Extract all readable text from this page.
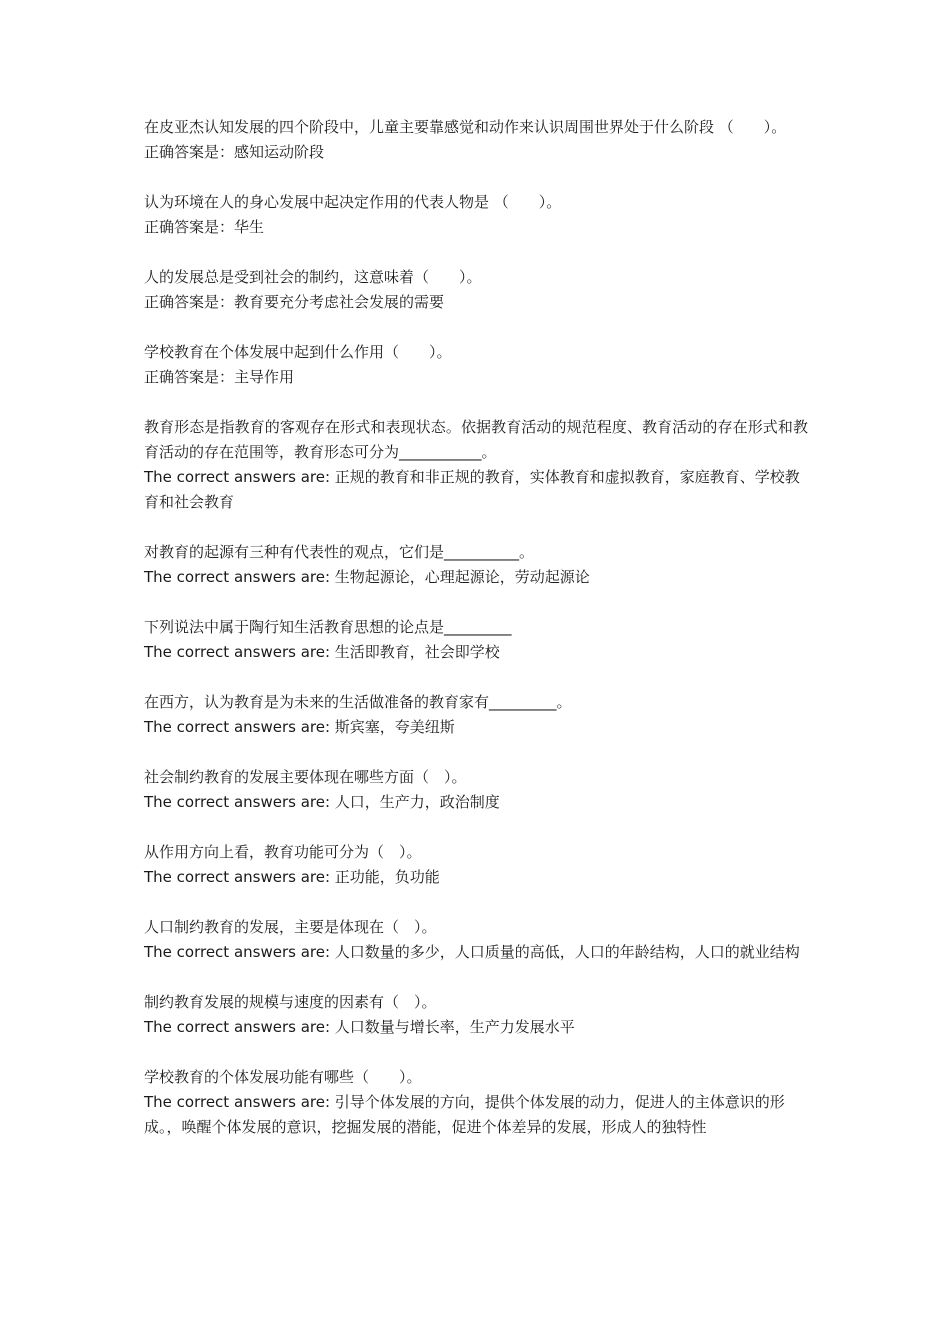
在皮亚杰认知发展的四个阶段中，儿童主要靠感觉和动作来认识周围世界处于什么阶段 （　　）。

正确答案是：感知运动阶段

认为环境在人的身心发展中起决定作用的代表人物是 （　　）。

正确答案是：华生

人的发展总是受到社会的制约，这意味着（　　）。

正确答案是：教育要充分考虑社会发展的需要

学校教育在个体发展中起到什么作用（　　）。

正确答案是：主导作用

教育形态是指教育的客观存在形式和表现状态。依据教育活动的规范程度、教育活动的存在形式和教育活动的存在范围等，教育形态可分为___________。

The correct answers are: 正规的教育和非正规的教育，实体教育和虚拟教育，家庭教育、学校教育和社会教育

对教育的起源有三种有代表性的观点，它们是__________。

The correct answers are: 生物起源论，心理起源论，劳动起源论

下列说法中属于陶行知生活教育思想的论点是_________

The correct answers are: 生活即教育，社会即学校

在西方，认为教育是为未来的生活做准备的教育家有_________。

The correct answers are: 斯宾塞，夸美纽斯

社会制约教育的发展主要体现在哪些方面（　）。

The correct answers are: 人口，生产力，政治制度

从作用方向上看，教育功能可分为（　）。

The correct answers are: 正功能，负功能

人口制约教育的发展，主要是体现在（　）。

The correct answers are: 人口数量的多少，人口质量的高低，人口的年龄结构，人口的就业结构

制约教育发展的规模与速度的因素有（　）。

The correct answers are: 人口数量与增长率，生产力发展水平

学校教育的个体发展功能有哪些（　　）。

The correct answers are: 引导个体发展的方向，提供个体发展的动力，促进人的主体意识的形成。，唤醒个体发展的意识，挖掘发展的潜能，促进个体差异的发展，形成人的独特性
